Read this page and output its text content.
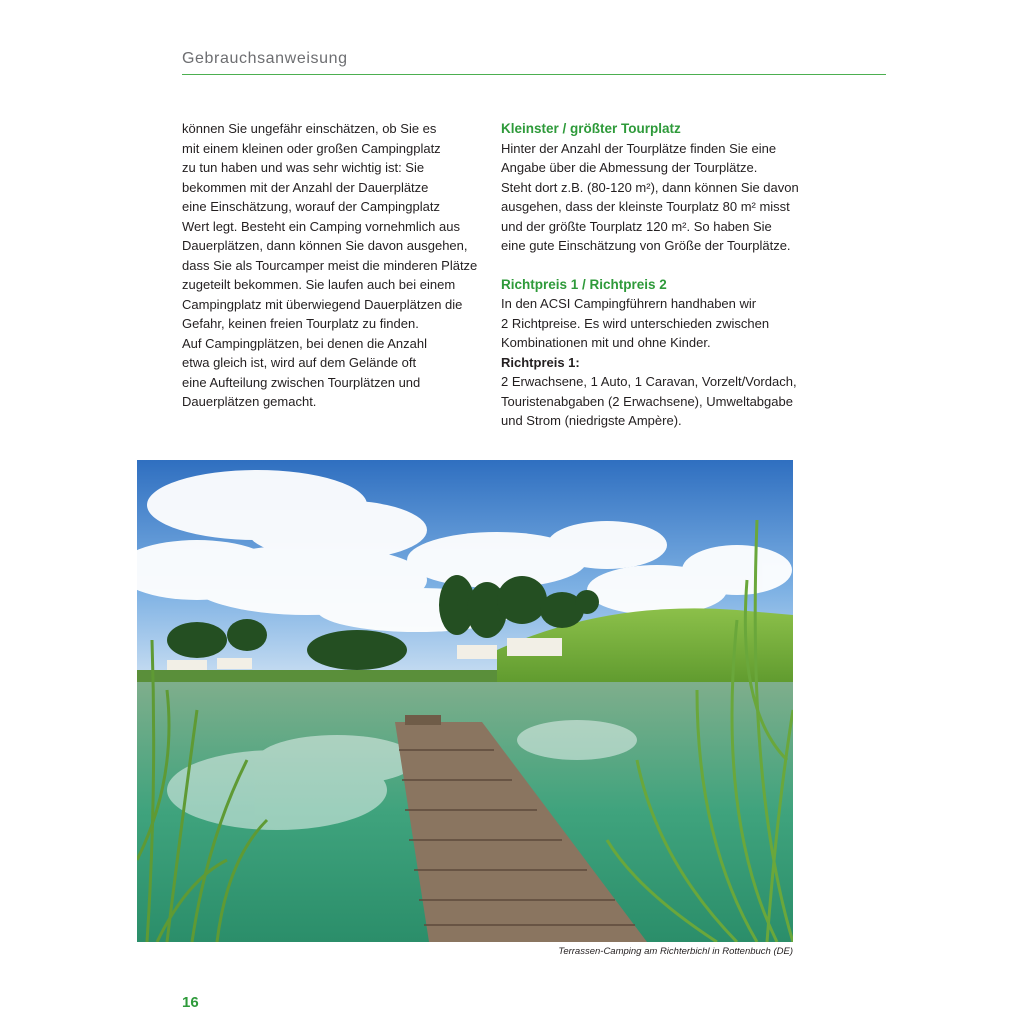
Gebrauchsanweisung

können Sie ungefähr einschätzen, ob Sie es
mit einem kleinen oder großen Campingplatz
zu tun haben und was sehr wichtig ist: Sie
bekommen mit der Anzahl der Dauerplätze
eine Einschätzung, worauf der Campingplatz
Wert legt. Besteht ein Camping vornehmlich aus
Dauerplätzen, dann können Sie davon ausgehen,
dass Sie als Tourcamper meist die minderen Plätze
zugeteilt bekommen. Sie laufen auch bei einem
Campingplatz mit überwiegend Dauerplätzen die
Gefahr, keinen freien Tourplatz zu finden.
Auf Campingplätzen, bei denen die Anzahl
etwa gleich ist, wird auf dem Gelände oft
eine Aufteilung zwischen Tourplätzen und
Dauerplätzen gemacht.

Kleinster / größter Tourplatz

Hinter der Anzahl der Tourplätze finden Sie eine
Angabe über die Abmessung der Tourplätze.
Steht dort z.B. (80-120 m²), dann können Sie davon
ausgehen, dass der kleinste Tourplatz 80 m² misst
und der größte Tourplatz 120 m². So haben Sie
eine gute Einschätzung von Größe der Tourplätze.

Richtpreis 1 / Richtpreis 2

In den ACSI Campingführern handhaben wir
2 Richtpreise. Es wird unterschieden zwischen
Kombinationen mit und ohne Kinder.
Richtpreis 1:
2 Erwachsene, 1 Auto, 1 Caravan, Vorzelt/Vordach,
Touristenabgaben (2 Erwachsene), Umweltabgabe
und Strom (niedrigste Ampère).

Terrassen-Camping am Richterbichl in Rottenbuch (DE)
16
